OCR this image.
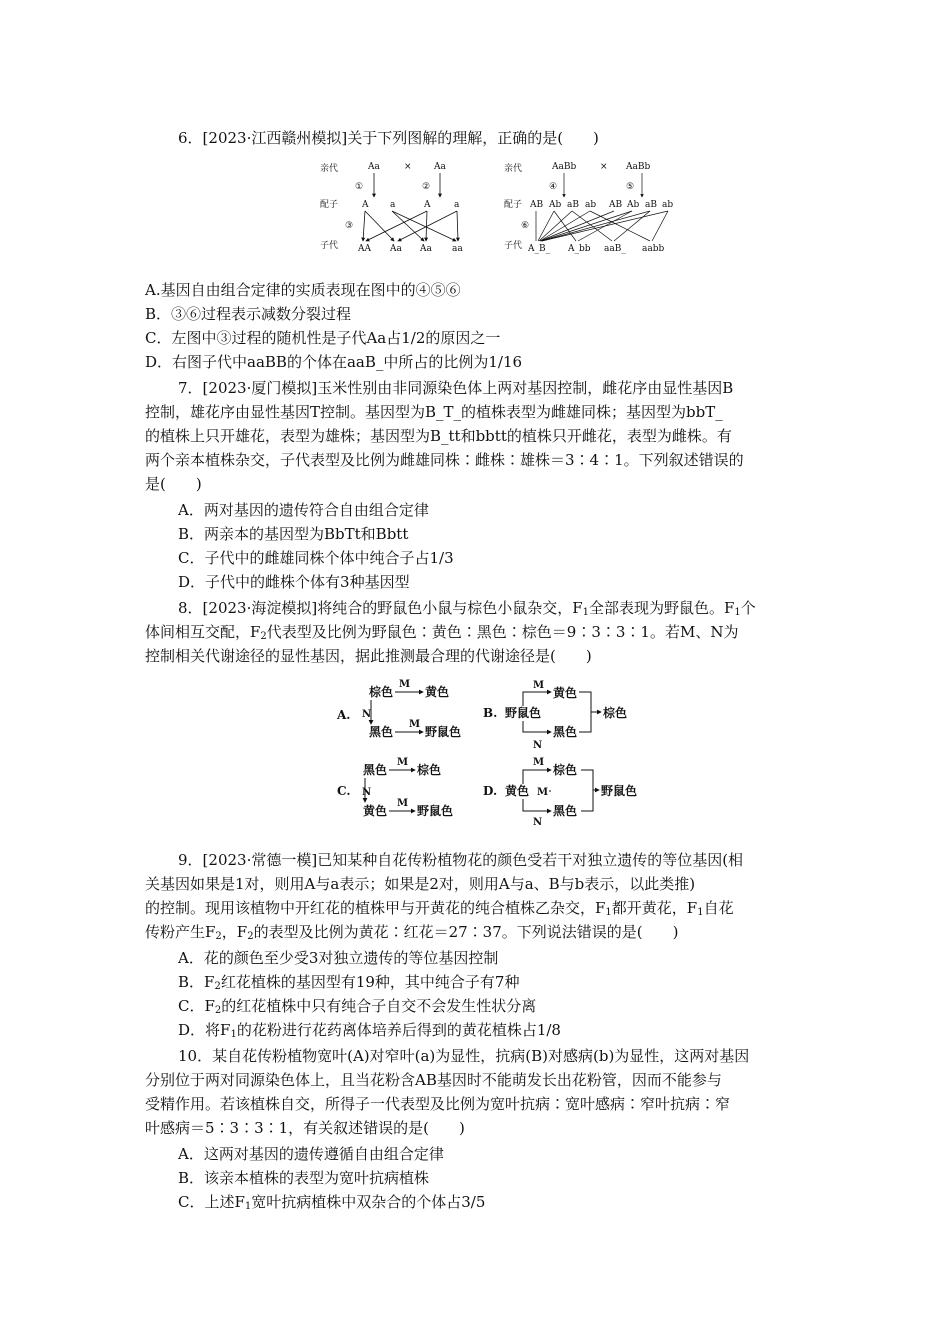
6．[2023·江西赣州模拟]关于下列图解的理解，正确的是(　　)
亲代
配子
子代
Aa	× Aa
①	②
③
A a	A	a
AA Aa Aa aa
亲代
配子
子代
AaBb	× AaBb
④	⑤
⑥
AB Ab aB ab AB Ab aB ab
A_B_ A_bb aaB_ aabb
A.基因自由组合定律的实质表现在图中的④⑤⑥
B．③⑥过程表示减数分裂过程
C．左图中③过程的随机性是子代Aa占1/2的原因之一
D．右图子代中aaBB的个体在aaB_中所占的比例为1/16
7．[2023·厦门模拟]玉米性别由非同源染色体上两对基因控制，雌花序由显性基因B
控制，雄花序由显性基因T控制。基因型为B_T_的植株表型为雌雄同株；基因型为bbT_
的植株上只开雄花，表型为雄株；基因型为B_tt和bbtt的植株只开雌花，表型为雌株。有
两个亲本植株杂交，子代表型及比例为雌雄同株∶雌株∶雄株＝3∶4∶1。下列叙述错误的
是(　　)
A．两对基因的遗传符合自由组合定律
B．两亲本的基因型为BbTt和Bbtt
C．子代中的雌雄同株个体中纯合子占1/3
D．子代中的雌株个体有3种基因型
8．[2023·海淀模拟]将纯合的野鼠色小鼠与棕色小鼠杂交，$F_1$全部表现为野鼠色。$F_1$个
体间相互交配，$F_2$代表型及比例为野鼠色∶黄色∶黑色∶棕色＝9∶3∶3∶1。若M、N为
控制相关代谢途径的显性基因，据此推测最合理的代谢途径是(　　)
A.
棕色	黄色
M
N
黑色	野鼠色
M
B. 野鼠色
黄色
黑色
棕色
M
N
C.
黑色 棕色
M
N
黄色 野鼠色
M
D. 黄色
棕色
黑色
野鼠色
M
M
N
9．[2023·常德一模]已知某种自花传粉植物花的颜色受若干对独立遗传的等位基因(相
关基因如果是1对，则用A与a表示；如果是2对，则用A与a、B与b表示，以此类推)
的控制。现用该植物中开红花的植株甲与开黄花的纯合植株乙杂交，$F_1$都开黄花，$F_1$自花
传粉产生$F_2$，$F_2$的表型及比例为黄花∶红花＝27∶37。下列说法错误的是(　　)
A．花的颜色至少受3对独立遗传的等位基因控制
B．$F_2$红花植株的基因型有19种，其中纯合子有7种
C．$F_2$的红花植株中只有纯合子自交不会发生性状分离
D．将$F_1$的花粉进行花药离体培养后得到的黄花植株占1/8
10．某自花传粉植物宽叶(A)对窄叶(a)为显性，抗病(B)对感病(b)为显性，这两对基因
分别位于两对同源染色体上，且当花粉含AB基因时不能萌发长出花粉管，因而不能参与
受精作用。若该植株自交，所得子一代表型及比例为宽叶抗病∶宽叶感病∶窄叶抗病∶窄
叶感病＝5∶3∶3∶1，有关叙述错误的是(　　)
A．这两对基因的遗传遵循自由组合定律
B．该亲本植株的表型为宽叶抗病植株
C．上述$F_1$宽叶抗病植株中双杂合的个体占3/5
